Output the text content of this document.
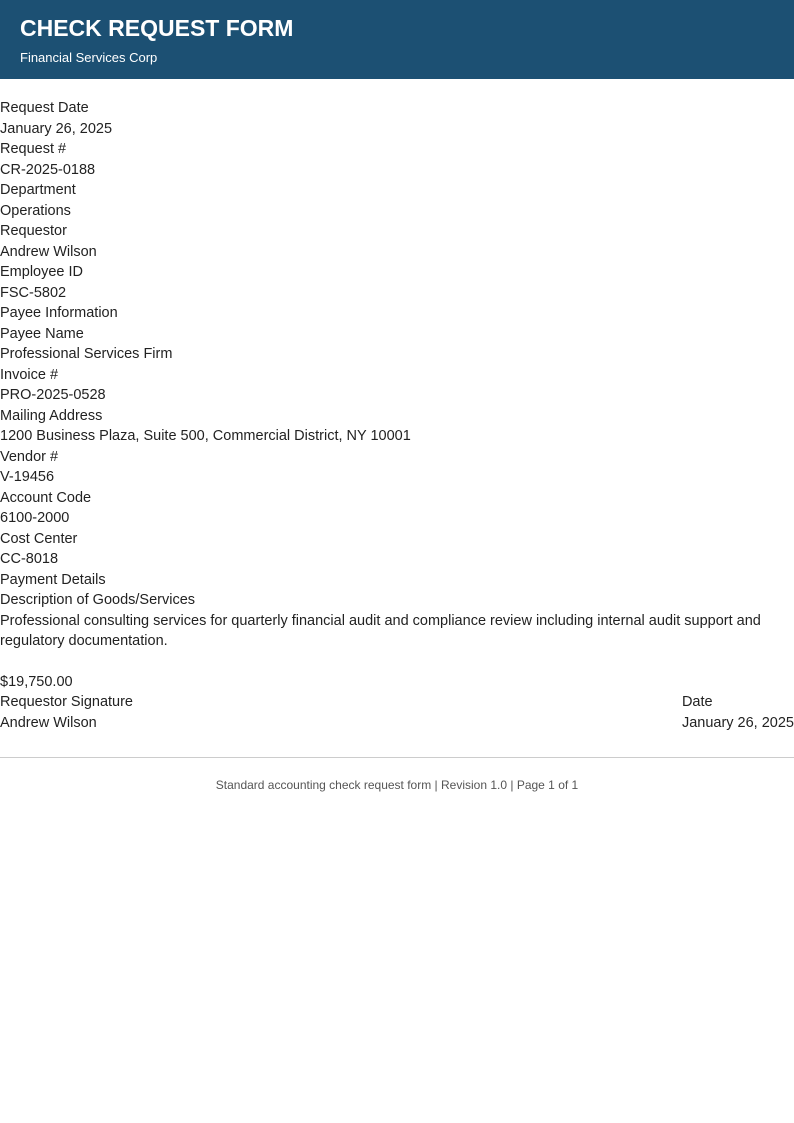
CHECK REQUEST FORM
Financial Services Corp
Request Date
January 26, 2025
Request #
CR-2025-0188
Department
Operations
Requestor
Andrew Wilson
Employee ID
FSC-5802
Payee Information
Payee Name
Professional Services Firm
Invoice #
PRO-2025-0528
Mailing Address
1200 Business Plaza, Suite 500, Commercial District, NY 10001
Vendor #
V-19456
Account Code
6100-2000
Cost Center
CC-8018
Payment Details
Description of Goods/Services
Professional consulting services for quarterly financial audit and compliance review including internal audit support and regulatory documentation.
$19,750.00
Requestor Signature
Andrew Wilson
Date
January 26, 2025
Standard accounting check request form | Revision 1.0 | Page 1 of 1
